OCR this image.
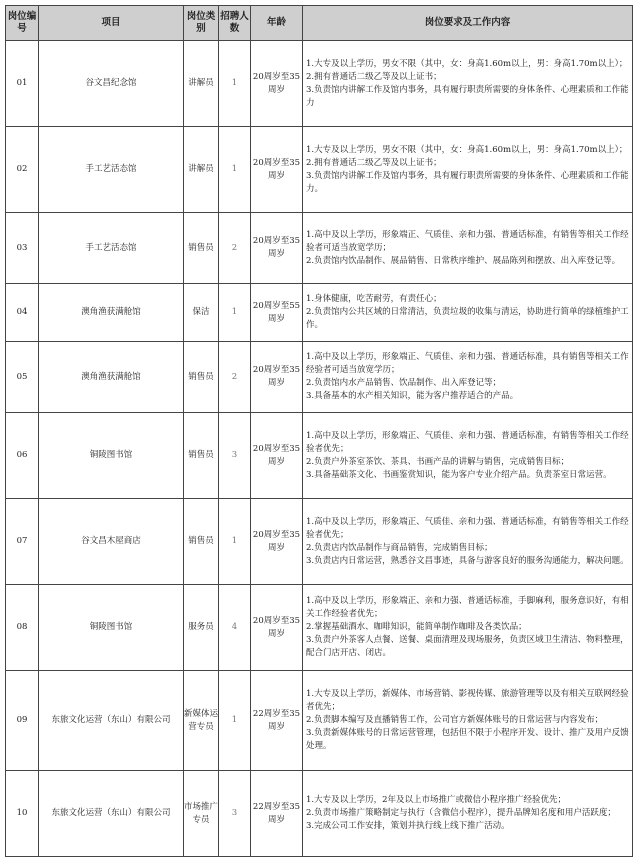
岗位编号	项目	岗位类别	招聘人数	年龄	岗位要求及工作内容
01	谷文昌纪念馆	讲解员	1	20周岁至35周岁	1.大专及以上学历，男女不限（其中，女：身高1.60m以上，男：身高1.70m以上）；
2.拥有普通话二级乙等及以上证书；
3.负责馆内讲解工作及馆内事务，具有履行职责所需要的身体条件、心理素质和工作能力

02	手工艺活态馆	讲解员	1	20周岁至35周岁	1.大专及以上学历，男女不限（其中，女：身高1.60m以上，男：身高1.70m以上）；
2.拥有普通话二级乙等及以上证书；
3.负责馆内讲解工作及馆内事务，具有履行职责所需要的身体条件、心理素质和工作能力。

03	手工艺活态馆	销售员	2	20周岁至35周岁	1.高中及以上学历，形象端正、气质佳、亲和力强、普通话标准，有销售等相关工作经验者可适当放宽学历；
2.负责馆内饮品制作、展品销售、日常秩序维护、展品陈列和摆放、出入库登记等。

04	澳角渔获满舱馆	保洁	1	20周岁至55周岁	1.身体健康，吃苦耐劳，有责任心；
2.负责馆内公共区域的日常清洁，负责垃圾的收集与清运，协助进行简单的绿植维护工作。

05	澳角渔获满舱馆	销售员	2	20周岁至35周岁	1.高中及以上学历，形象端正、气质佳、亲和力强、普通话标准，具有销售等相关工作经验者可适当放宽学历；
2.负责馆内水产品销售、饮品制作、出入库登记等；
3.具备基本的水产相关知识，能为客户推荐适合的产品。

06	铜陵图书馆	销售员	3	20周岁至35周岁	1.高中及以上学历，形象端正、气质佳、亲和力强、普通话标准，有销售等相关工作经验者优先；
2.负责户外茶室茶饮、茶具、书画产品的讲解与销售，完成销售目标；
3.具备基础茶文化、书画鉴赏知识，能为客户专业介绍产品。负责茶室日常运营。

07	谷文昌木屋商店	销售员	1	20周岁至35周岁	1.高中及以上学历，形象端正、气质佳、亲和力强、普通话标准，有销售等相关工作经验者优先；
2.负责店内饮品制作与商品销售，完成销售目标；
3.负责店内日常运营，熟悉谷文昌事迹，具备与游客良好的服务沟通能力，解决问题。

08	铜陵图书馆	服务员	4	20周岁至35周岁	1.高中及以上学历，形象端正、亲和力强、普通话标准，手脚麻利，服务意识好，有相关工作经验者优先；
2.掌握基础酒水、咖啡知识，能简单制作咖啡及各类饮品；
3.负责户外茶客人点餐、送餐、桌面清理及现场服务，负责区域卫生清洁、物料整理，配合门店开店、闭店。

09	东旅文化运营（东山）有限公司	新媒体运营专员	1	22周岁至35周岁	1.大专及以上学历，新媒体、市场营销、影视传媒、旅游管理等以及有相关互联网经验者优先；
2.负责脚本编写及直播销售工作，公司官方新媒体账号的日常运营与内容发布；
3.负责新媒体账号的日常运营管理，包括但不限于小程序开发、设计、推广及用户反馈处理。

10	东旅文化运营（东山）有限公司	市场推广专员	3	22周岁至35周岁	1.大专及以上学历，2年及以上市场推广或微信小程序推广经验优先；
2.负责市场推广策略制定与执行（含微信小程序），提升品牌知名度和用户活跃度；
3.完成公司工作安排，策划并执行线上线下推广活动。
